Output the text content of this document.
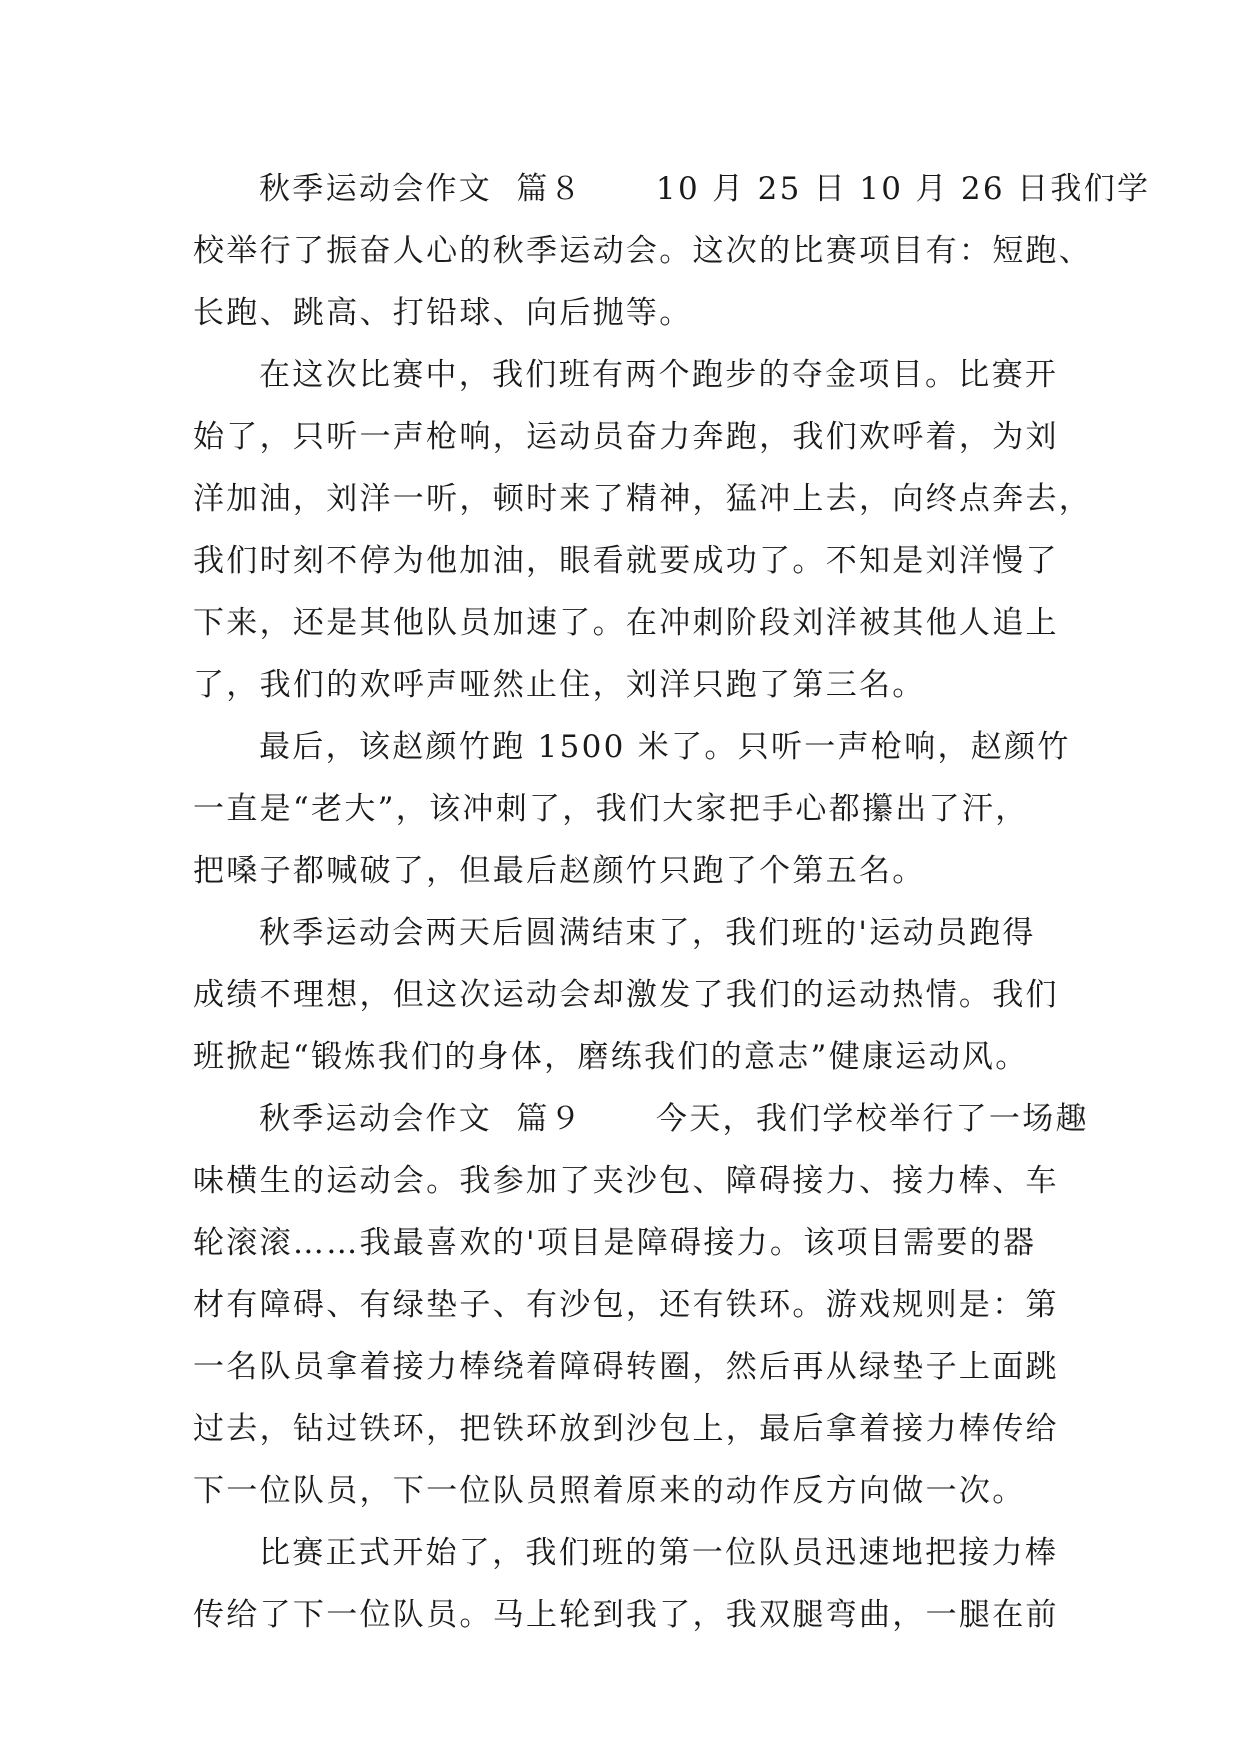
秋季运动会作文  篇８      10 月 25 日 10 月 26 日我们学
校举行了振奋人心的秋季运动会。这次的比赛项目有：短跑、
长跑、跳高、打铅球、向后抛等。
在这次比赛中，我们班有两个跑步的夺金项目。比赛开
始了，只听一声枪响，运动员奋力奔跑，我们欢呼着，为刘
洋加油，刘洋一听，顿时来了精神，猛冲上去，向终点奔去，
我们时刻不停为他加油，眼看就要成功了。不知是刘洋慢了
下来，还是其他队员加速了。在冲刺阶段刘洋被其他人追上
了，我们的欢呼声哑然止住，刘洋只跑了第三名。
最后，该赵颜竹跑 1500 米了。只听一声枪响，赵颜竹
一直是“老大”，该冲刺了，我们大家把手心都攥出了汗，
把嗓子都喊破了，但最后赵颜竹只跑了个第五名。
秋季运动会两天后圆满结束了，我们班的'运动员跑得
成绩不理想，但这次运动会却激发了我们的运动热情。我们
班掀起“锻炼我们的身体，磨练我们的意志”健康运动风。
秋季运动会作文  篇９      今天，我们学校举行了一场趣
味横生的运动会。我参加了夹沙包、障碍接力、接力棒、车
轮滚滚……我最喜欢的'项目是障碍接力。该项目需要的器
材有障碍、有绿垫子、有沙包，还有铁环。游戏规则是：第
一名队员拿着接力棒绕着障碍转圈，然后再从绿垫子上面跳
过去，钻过铁环，把铁环放到沙包上，最后拿着接力棒传给
下一位队员，下一位队员照着原来的动作反方向做一次。
比赛正式开始了，我们班的第一位队员迅速地把接力棒
传给了下一位队员。马上轮到我了，我双腿弯曲，一腿在前
